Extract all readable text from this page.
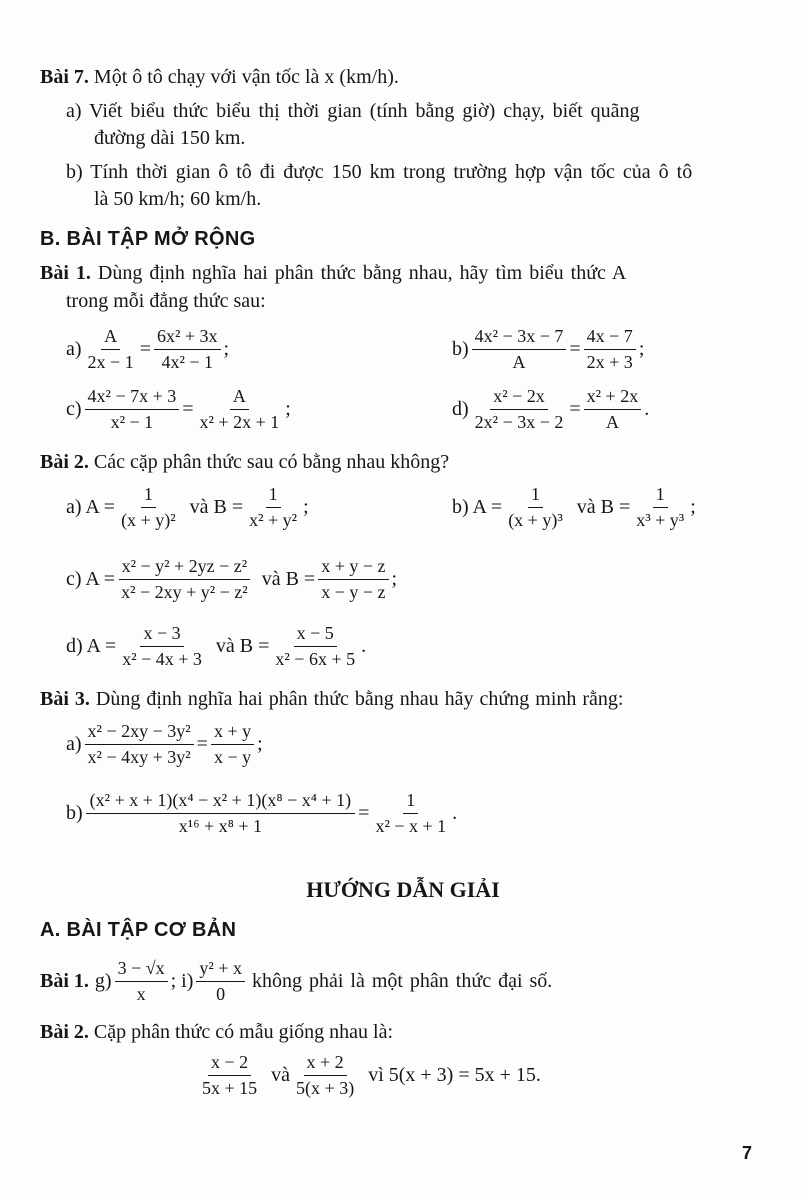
Bài 7. Một ô tô chạy với vận tốc là x (km/h).
a) Viết biểu thức biểu thị thời gian (tính bằng giờ) chạy, biết quãng
đường dài 150 km.
b) Tính thời gian ô tô đi được 150 km trong trường hợp vận tốc của ô tô
là 50 km/h; 60 km/h.
B. BÀI TẬP MỞ RỘNG
Bài 1. Dùng định nghĩa hai phân thức bằng nhau, hãy tìm biểu thức A
trong mỗi đẳng thức sau:
$a) \frac{A}{2x - 1} = \frac{\text{6x² + 3x}}{\text{4x² − 1}}$ ;	$b) \frac{\text{4x² − 3x − 7}}{A} = \frac{4x - 7}{2x + 3}$ ;
$c) \frac{\text{4x² − 7x + 3}}{\text{x² − 1}} = \frac{A}{\text{x² + 2x + 1}}$ ;	$d) \frac{\text{x² − 2x}}{\text{2x² − 3x − 2}} = \frac{\text{x² + 2x}}{A}$ .
Bài 2. Các cặp phân thức sau có bằng nhau không?
a) $A = \frac{1}{\text{(x + y)²}}$ và $B = \frac{1}{\text{x² + y²}}$ ;	b) $A = \frac{1}{\text{(x + y)³}}$ và $B = \frac{1}{\text{x³ + y³}}$ ;
c) $A = \frac{\text{x² − y² + 2yz − z²}}{\text{x² − 2xy + y² − z²}}$ và $B = \frac{x + y - z}{x - y - z}$ ;
d) $A = \frac{x - 3}{\text{x² − 4x + 3}}$ và $B = \frac{x - 5}{\text{x² − 6x + 5}}$ .
Bài 3. Dùng định nghĩa hai phân thức bằng nhau hãy chứng minh rằng:
$a) \frac{\text{x² − 2xy − 3y²}}{\text{x² − 4xy + 3y²}} = \frac{x + y}{x - y}$ ;
$b) \frac{\text{(x² + x + 1)(x⁴ − x² + 1)(x⁸ − x⁴ + 1)}}{\text{x¹⁶ + x⁸ + 1}} = \frac{1}{\text{x² − x + 1}}$ .
HƯỚNG DẪN GIẢI
A. BÀI TẬP CƠ BẢN
Bài 1. $g) \frac{3 - √x}{x}$ ; $i) \frac{\text{y² + x}}{0}$ không phải là một phân thức đại số.
Bài 2. Cặp phân thức có mẫu giống nhau là:
$\frac{x - 2}{5x + 15}$ và $\frac{x + 2}{5(x + 3)}$ vì 5(x + 3) = 5x + 15.
7
